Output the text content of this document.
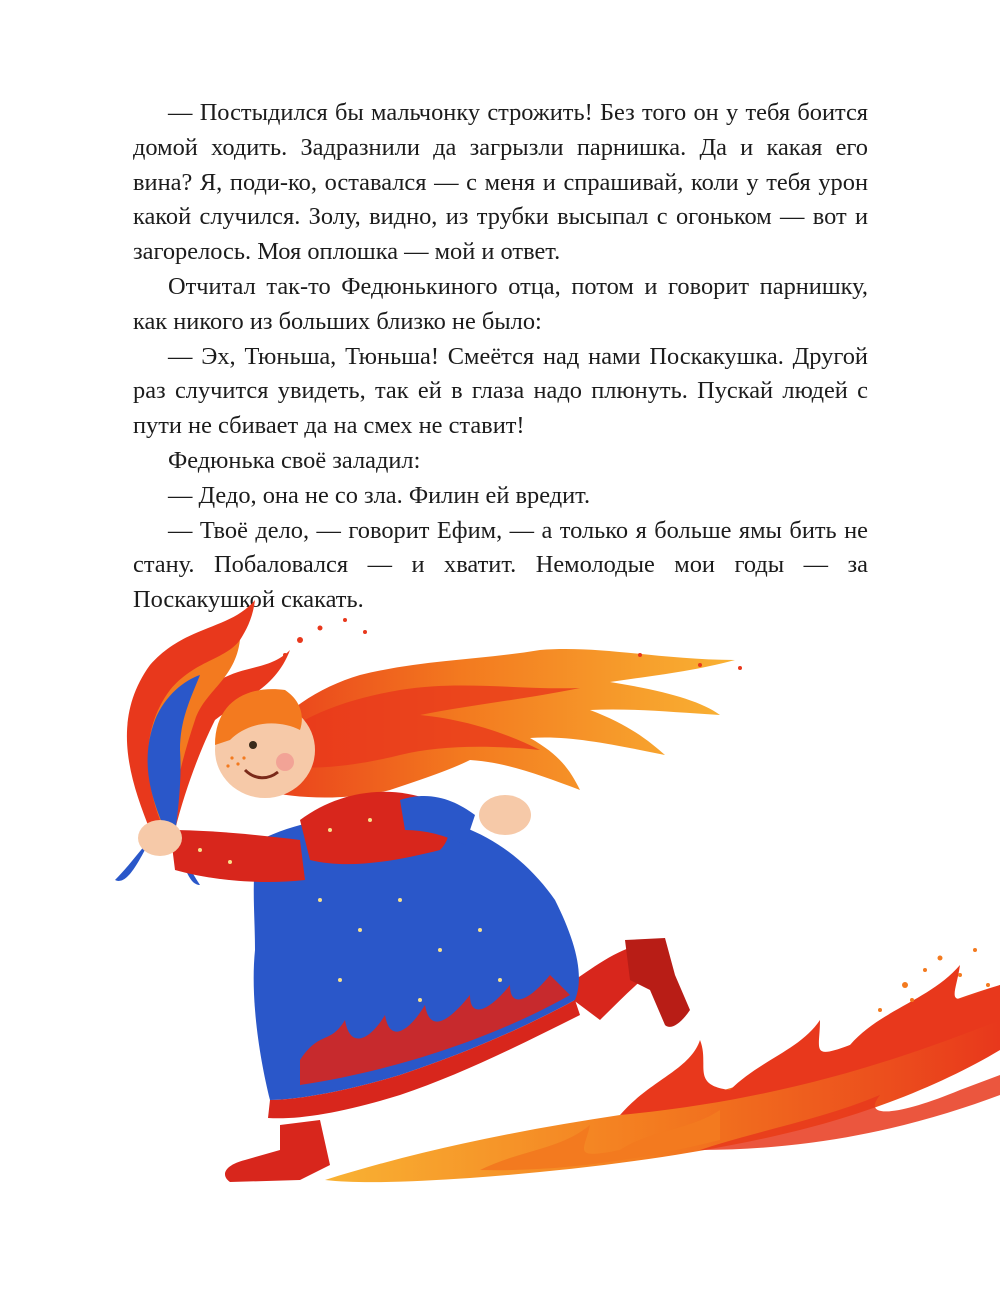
— Постыдился бы мальчонку строжить! Без того он у тебя боится домой ходить. Задразнили да загрызли парнишка. Да и какая его вина? Я, поди-ко, оставался — с меня и спрашивай, коли у тебя урон какой случился. Золу, видно, из трубки высыпал с огоньком — вот и загорелось. Моя оплошка — мой и ответ.

Отчитал так-то Федюнькиного отца, потом и говорит парнишку, как никого из больших близко не было:

— Эх, Тюньша, Тюньша! Смеётся над нами Поскакушка. Другой раз случится увидеть, так ей в глаза надо плюнуть. Пускай людей с пути не сбивает да на смех не ставит!

Федюнька своё заладил:

— Дедо, она не со зла. Филин ей вредит.

— Твоё дело, — говорит Ефим, — а только я больше ямы бить не стану. Побаловался — и хватит. Немолодые мои годы — за Поскакушкой скакать.
